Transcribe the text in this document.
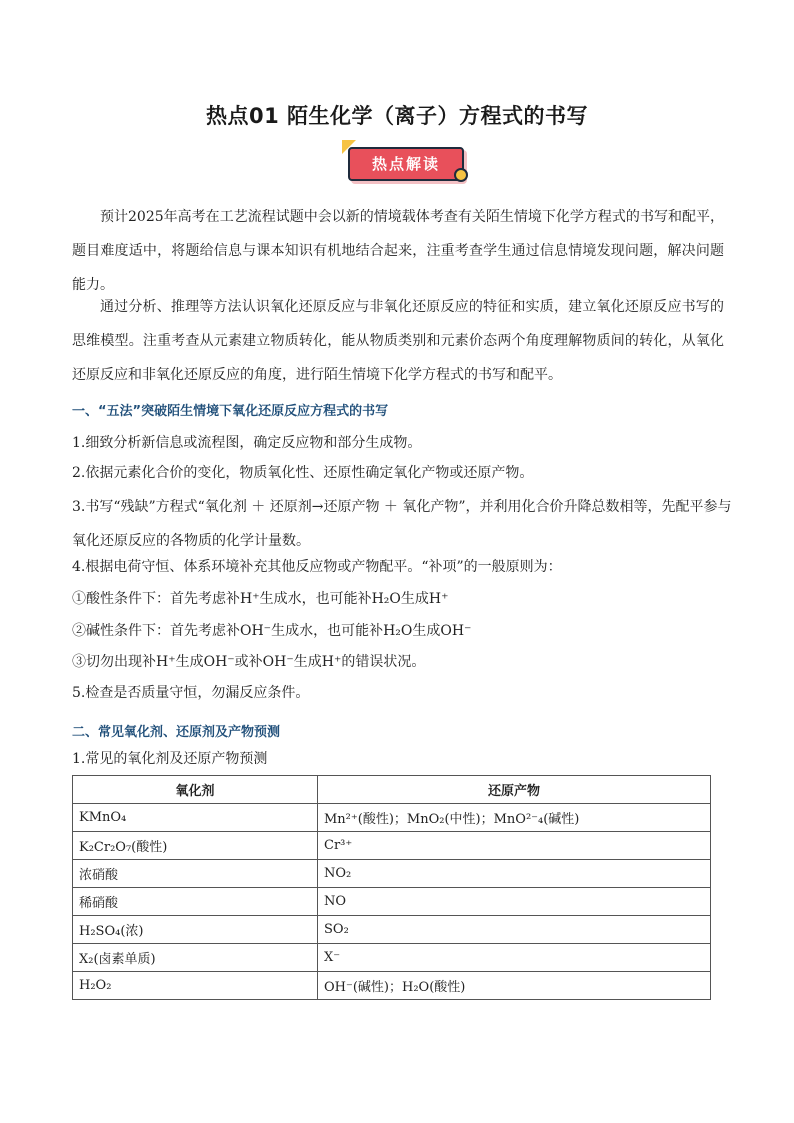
热点01 陌生化学（离子）方程式的书写
热点解读

预计2025年高考在工艺流程试题中会以新的情境载体考查有关陌生情境下化学方程式的书写和配平，题目难度适中，将题给信息与课本知识有机地结合起来，注重考查学生通过信息情境发现问题，解决问题能力。

通过分析、推理等方法认识氧化还原反应与非氧化还原反应的特征和实质，建立氧化还原反应书写的思维模型。注重考查从元素建立物质转化，能从物质类别和元素价态两个角度理解物质间的转化，从氧化还原反应和非氧化还原反应的角度，进行陌生情境下化学方程式的书写和配平。

一、“五法”突破陌生情境下氧化还原反应方程式的书写

1.细致分析新信息或流程图，确定反应物和部分生成物。

2.依据元素化合价的变化，物质氧化性、还原性确定氧化产物或还原产物。

3.书写“残缺”方程式“氧化剂 ＋ 还原剂→还原产物 ＋ 氧化产物”，并利用化合价升降总数相等，先配平参与氧化还原反应的各物质的化学计量数。

4.根据电荷守恒、体系环境补充其他反应物或产物配平。“补项”的一般原则为：

①酸性条件下：首先考虑补H⁺生成水，也可能补H₂O生成H⁺

②碱性条件下：首先考虑补OH⁻生成水，也可能补H₂O生成OH⁻

③切勿出现补H⁺生成OH⁻或补OH⁻生成H⁺的错误状况。

5.检查是否质量守恒，勿漏反应条件。

二、常见氧化剂、还原剂及产物预测

1.常见的氧化剂及还原产物预测

氧化剂	还原产物
KMnO₄	Mn²⁺(酸性)；MnO₂(中性)；MnO²⁻₄(碱性)
K₂Cr₂O₇(酸性)	Cr³⁺
浓硝酸	NO₂
稀硝酸	NO
H₂SO₄(浓)	SO₂
X₂(卤素单质)	X⁻
H₂O₂	OH⁻(碱性)；H₂O(酸性)
